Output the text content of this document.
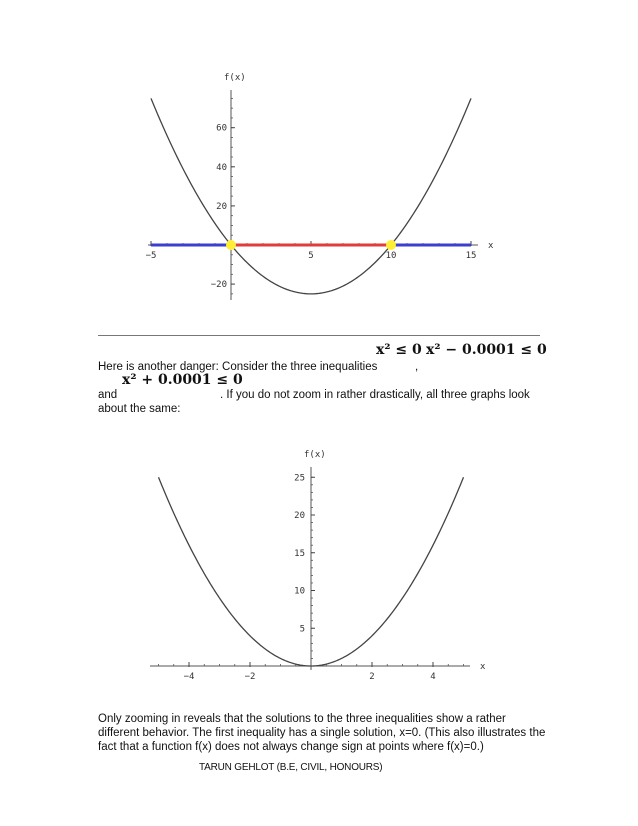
−5	5	10	15
−20
20
40
60
x
f(x)
x² ≤ 0 x² − 0.0001 ≤ 0

Here is another danger: Consider the three inequalities	,

x² + 0.0001 ≤ 0

and	. If you do not zoom in rather drastically, all three graphs look

about the same:

−4	−2	2	4
5
10
15
20
25
x
f(x)

Only zooming in reveals that the solutions to the three inequalities show a rather

different behavior. The first inequality has a single solution, x=0. (This also illustrates the

fact that a function f(x) does not always change sign at points where f(x)=0.)

TARUN GEHLOT (B.E, CIVIL, HONOURS)
